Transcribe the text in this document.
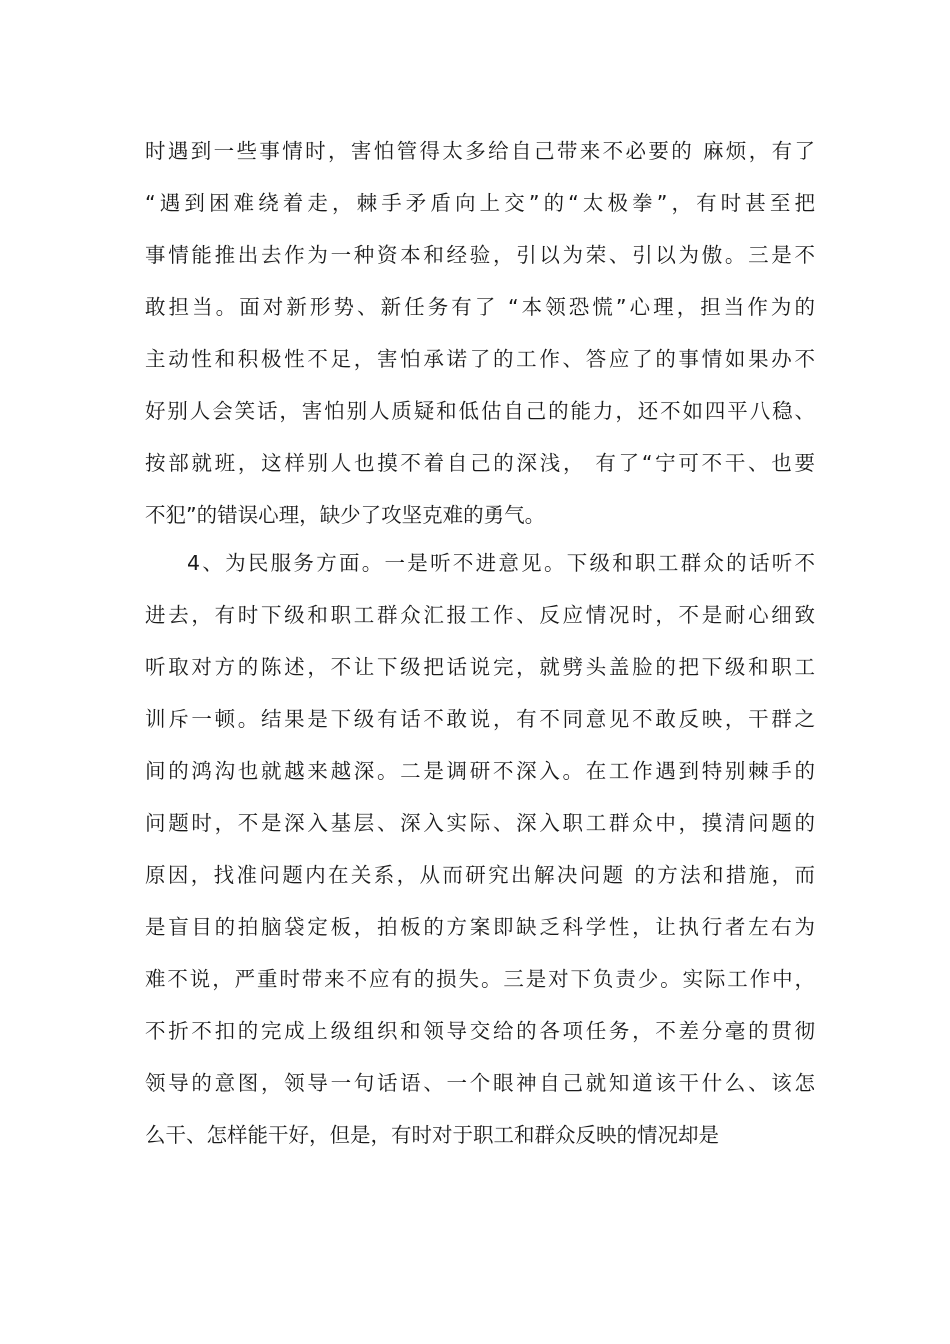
时遇到一些事情时，害怕管得太多给自己带来不必要的 麻烦，有了
“遇到困难绕着走，棘手矛盾向上交”的“太极拳”，有时甚至把
事情能推出去作为一种资本和经验，引以为荣、引以为傲。三是不
敢担当。面对新形势、新任务有了 “本领恐慌”心理，担当作为的
主动性和积极性不足，害怕承诺了的工作、答应了的事情如果办不
好别人会笑话，害怕别人质疑和低估自己的能力，还不如四平八稳、
按部就班，这样别人也摸不着自己的深浅， 有了“宁可不干、也要
不犯”的错误心理，缺少了攻坚克难的勇气。
4、为民服务方面。一是听不进意见。下级和职工群众的话听不
进去，有时下级和职工群众汇报工作、反应情况时，不是耐心细致
听取对方的陈述，不让下级把话说完，就劈头盖脸的把下级和职工
训斥一顿。结果是下级有话不敢说，有不同意见不敢反映，干群之
间的鸿沟也就越来越深。二是调研不深入。在工作遇到特别棘手的
问题时，不是深入基层、深入实际、深入职工群众中，摸清问题的
原因，找准问题内在关系，从而研究出解决问题 的方法和措施，而
是盲目的拍脑袋定板，拍板的方案即缺乏科学性，让执行者左右为
难不说，严重时带来不应有的损失。三是对下负责少。实际工作中，
不折不扣的完成上级组织和领导交给的各项任务，不差分毫的贯彻
领导的意图，领导一句话语、一个眼神自己就知道该干什么、该怎
么干、怎样能干好，但是，有时对于职工和群众反映的情况却是
